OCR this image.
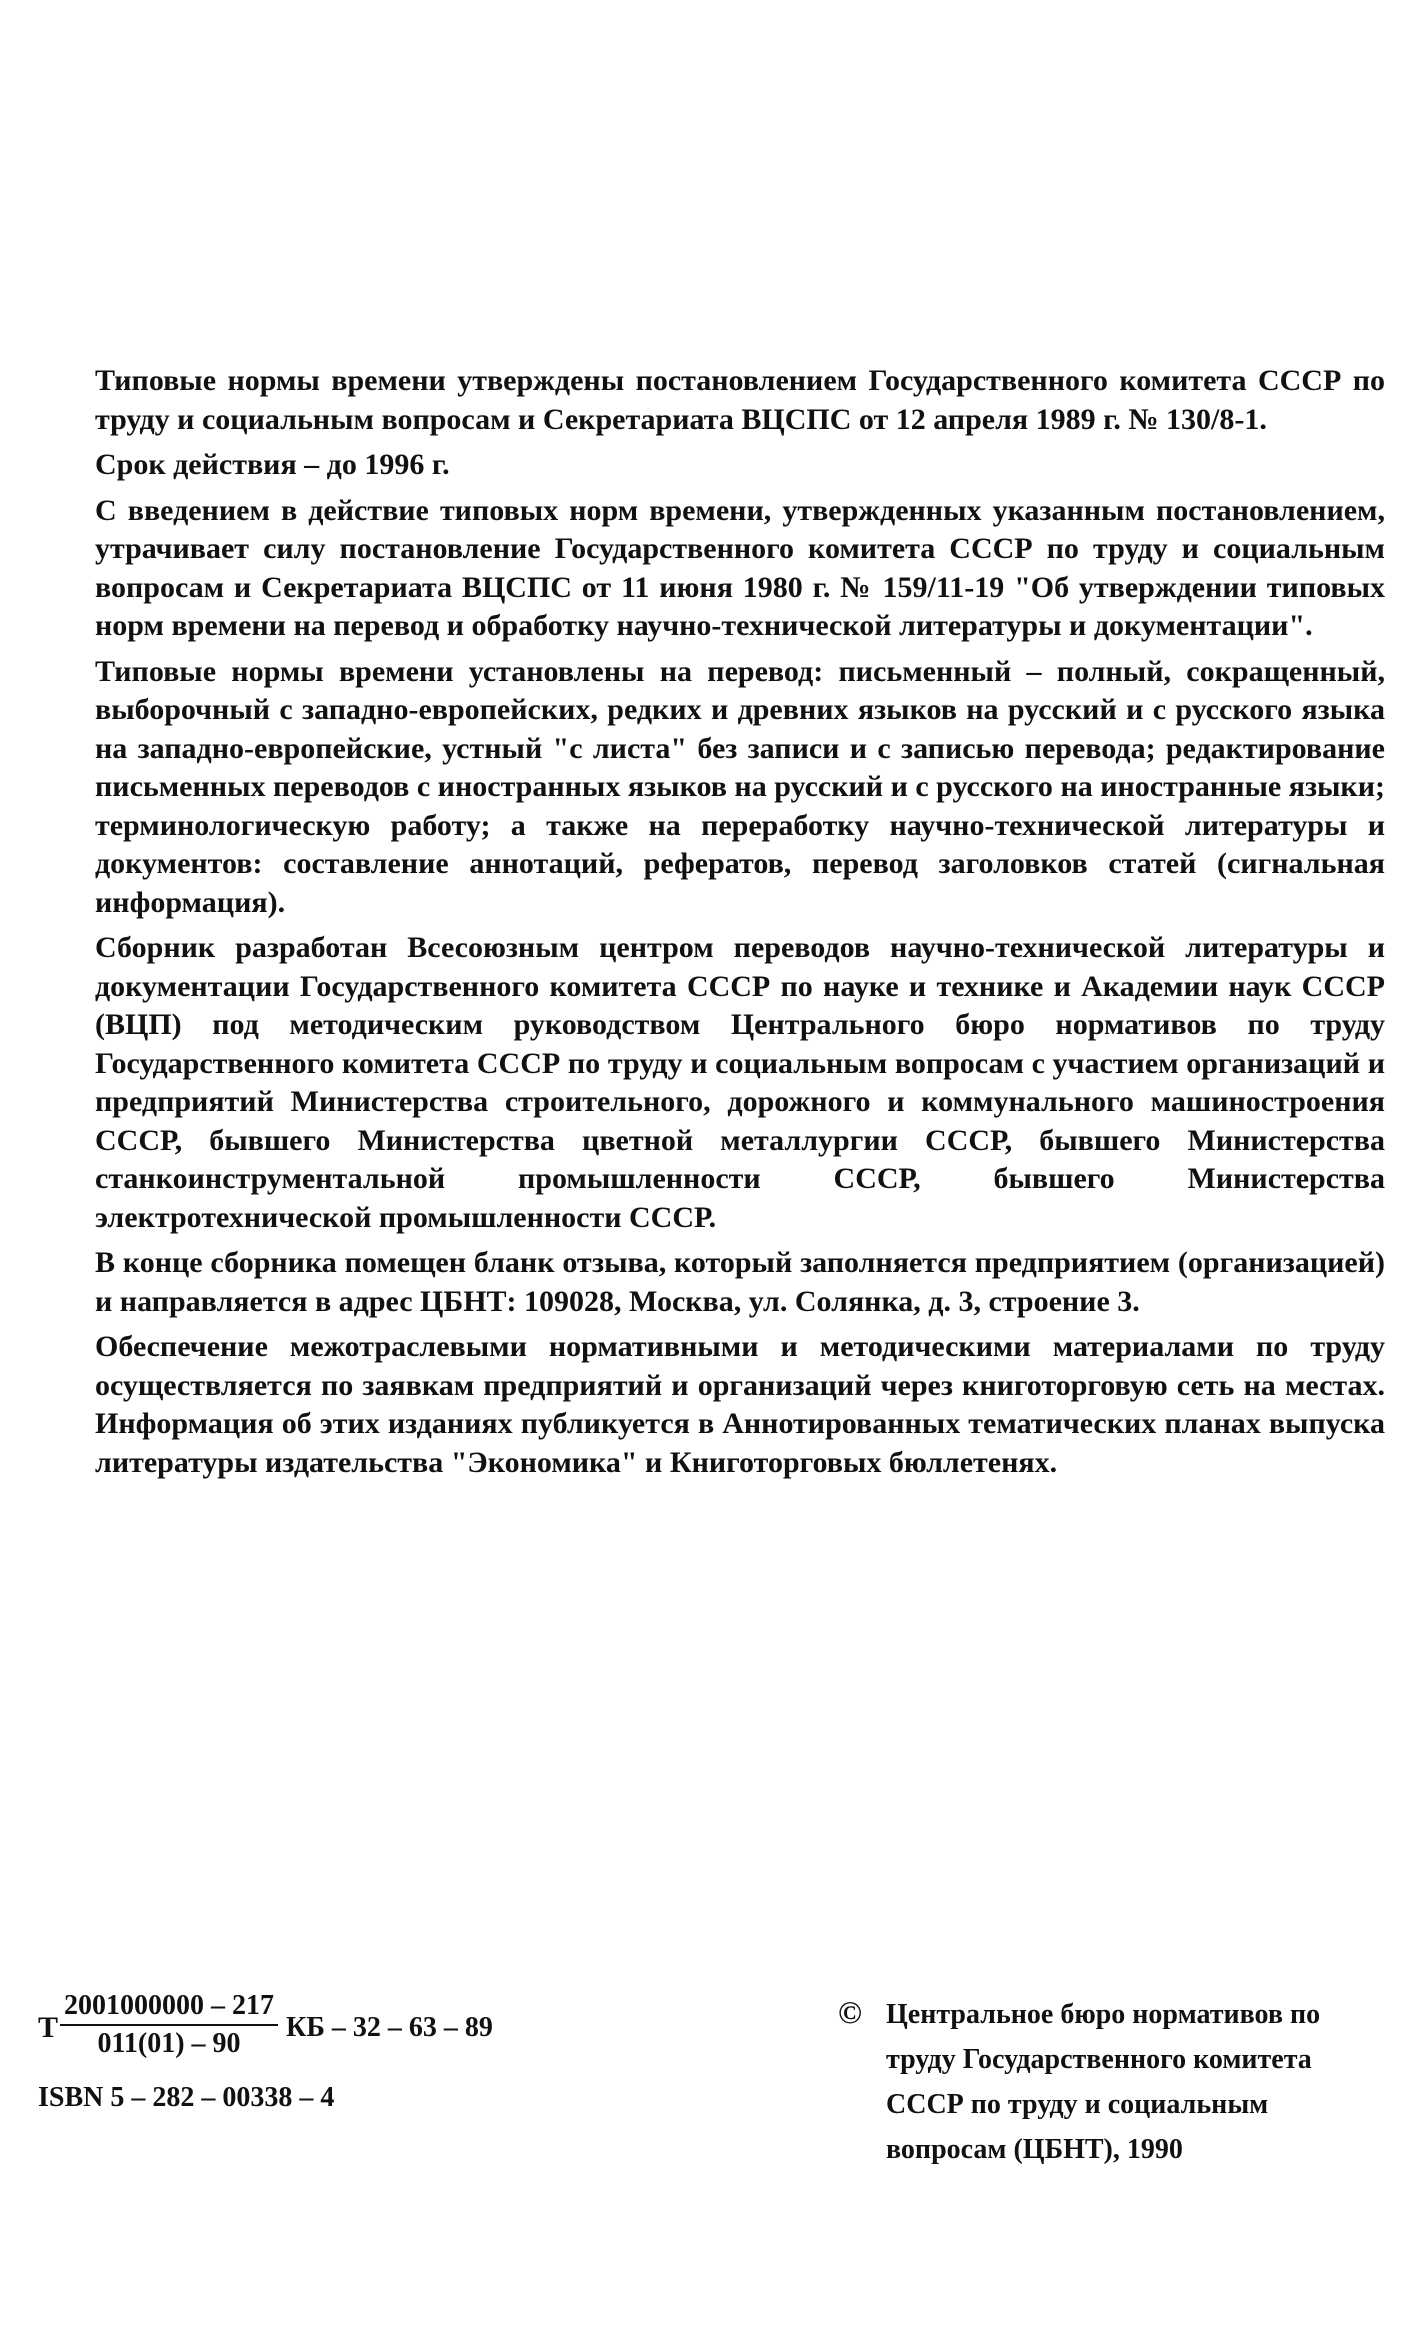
Типовые нормы времени утверждены постановлением Государственного комитета СССР по труду и социальным вопросам и Секретариата ВЦСПС от 12 апреля 1989 г. № 130/8-1.

Срок действия – до 1996 г.

С введением в действие типовых норм времени, утвержденных указанным постановлением, утрачивает силу постановление Государственного комитета СССР по труду и социальным вопросам и Секретариата ВЦСПС от 11 июня 1980 г. № 159/11-19 "Об утверждении типовых норм времени на перевод и обработку научно-технической литературы и документации".

Типовые нормы времени установлены на перевод: письменный – полный, сокращенный, выборочный с западно-европейских, редких и древних языков на русский и с русского языка на западно-европейские, устный "с листа" без записи и с записью перевода; редактирование письменных переводов с иностранных языков на русский и с русского на иностранные языки; терминологическую работу; а также на переработку научно-технической литературы и документов: составление аннотаций, рефератов, перевод заголовков статей (сигнальная информация).

Сборник разработан Всесоюзным центром переводов научно-технической литературы и документации Государственного комитета СССР по науке и технике и Академии наук СССР (ВЦП) под методическим руководством Центрального бюро нормативов по труду Государственного комитета СССР по труду и социальным вопросам с участием организаций и предприятий Министерства строительного, дорожного и коммунального машиностроения СССР, бывшего Министерства цветной металлургии СССР, бывшего Министерства станкоинструментальной промышленности СССР, бывшего Министерства электротехнической промышленности СССР.

В конце сборника помещен бланк отзыва, который заполняется предприятием (организацией) и направляется в адрес ЦБНТ: 109028, Москва, ул. Солянка, д. 3, строение 3.

Обеспечение межотраслевыми нормативными и методическими материалами по труду осуществляется по заявкам предприятий и организаций через книготорговую сеть на местах. Информация об этих изданиях публикуется в Аннотированных тематических планах выпуска литературы издательства "Экономика" и Книготорговых бюллетенях.

Т $\frac{2001000000 - 217}{011(01) - 90}$ КБ – 32 – 63 – 89
ISBN 5 – 282 – 00338 – 4
© Центральное бюро нормативов по труду Государственного комитета СССР по труду и социальным вопросам (ЦБНТ), 1990
